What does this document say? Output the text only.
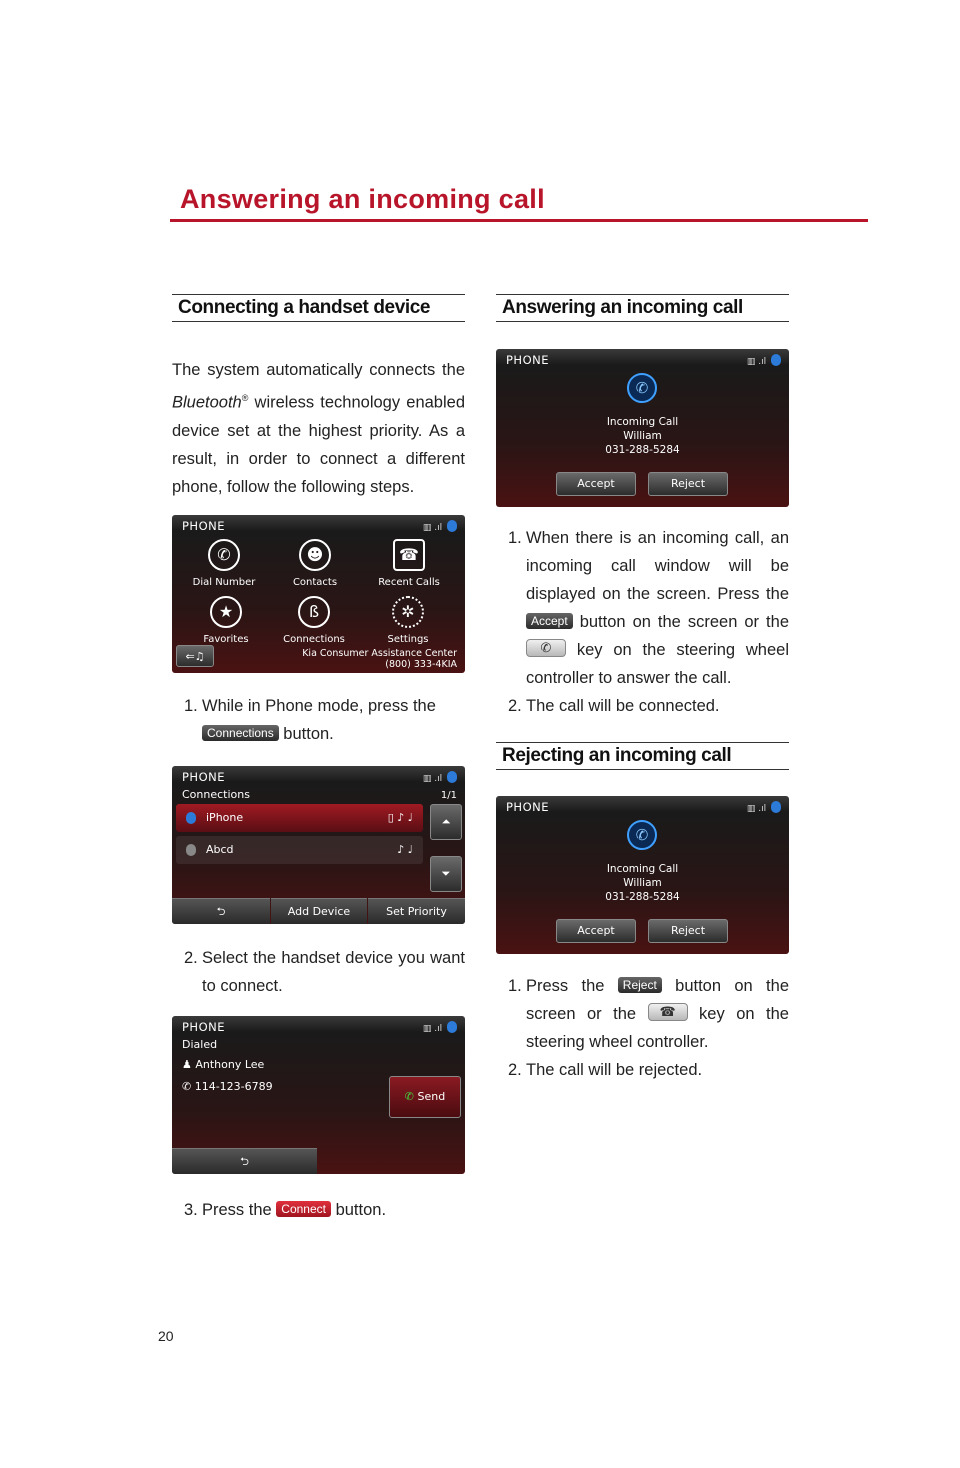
Answering an incoming call
Connecting a handset device
The system automatically connects the Bluetooth® wireless technology enabled device set at the highest priority. As a result, in order to connect a different phone, follow the following steps.
PHONE	▥ .ıl
✆
Dial Number
☻
Contacts
☎
Recent Calls
★
Favorites
ß
Connections
✲
Settings
⇐♫	Kia Consumer Assistance Center
(800) 333-4KIA
1. While in Phone mode, press the
Connections button.
PHONE	▥ .ıl
Connections	1/1
iPhone	▯ ♪ ♩
Abcd	♪ ♩
⏶
⏷
⮌	Add Device	Set Priority
2. Select the handset device you want to connect.
PHONE	▥ .ıl
Dialed
♟ Anthony Lee
✆ 114-123-6789
✆ Send
⮌
3. Press the Connect button.
Answering an incoming call
PHONE	▥ .ıl
✆
Incoming Call
William
031-288-5284
Accept	Reject
1. When there is an incoming call, an incoming call window will be displayed on the screen. Press the Accept button on the screen or the
✆ key on the steering wheel controller to answer the call.
2. The call will be connected.
Rejecting an incoming call
PHONE	▥ .ıl
✆
Incoming Call
William
031-288-5284
Accept	Reject
1. Press the Reject button on the screen or the ☎ key on the steering wheel controller.
2. The call will be rejected.
20
